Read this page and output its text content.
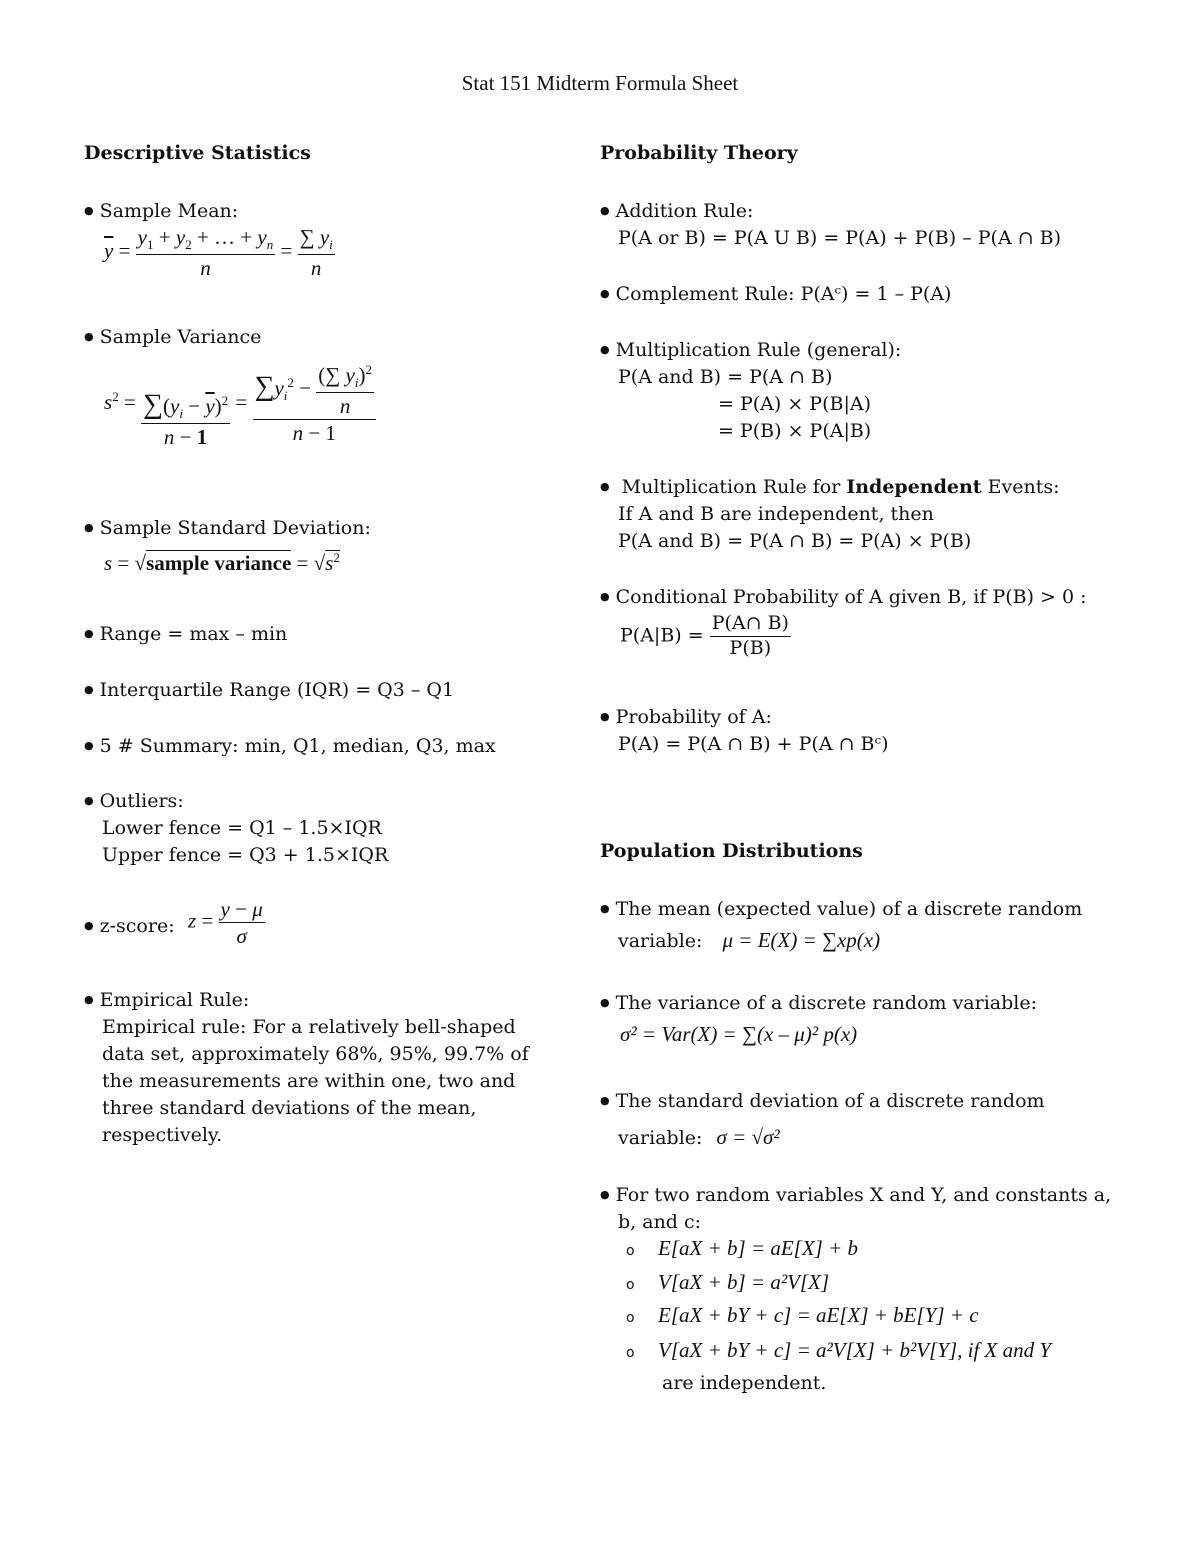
Stat 151 Midterm Formula Sheet
Descriptive Statistics
● Sample Mean:
$\overline{y} = \frac{y_1 + y_2 + \dots + y_n}{n} = \frac{\sum y_i}{n}$
● Sample Variance
$s^2 = \frac{\sum(y_i - \overline{y})^2}{n - 1} = \frac{\sum y_i^2 - \frac{(\sum y_i)^2}{n}}{n - 1}$
● Sample Standard Deviation:
s = √sample variance = $√s^2$
● Range = max – min
● Interquartile Range (IQR) = Q3 – Q1
● 5 # Summary: min, Q1, median, Q3, max
● Outliers:
Lower fence = Q1 – 1.5×IQR
Upper fence = Q3 + 1.5×IQR
● z-score: $z = \frac{y - \mu}{\sigma}$
● Empirical Rule:
Empirical rule: For a relatively bell-shaped data set, approximately 68%, 95%, 99.7% of the measurements are within one, two and three standard deviations of the mean, respectively.
Probability Theory
● Addition Rule:
P(A or B) = P(A U B) = P(A) + P(B) – P(A ∩ B)
● Complement Rule: P(Aᶜ) = 1 – P(A)
● Multiplication Rule (general):
P(A and B) = P(A ∩ B)
= P(A) × P(B|A)
= P(B) × P(A|B)
● Multiplication Rule for Independent Events:
If A and B are independent, then
P(A and B) = P(A ∩ B) = P(A) × P(B)
● Conditional Probability of A given B, if P(B) > 0 :
$P(A|B) = \frac{P(A\cap B)}{P(B)}$
● Probability of A:
P(A) = P(A ∩ B) + P(A ∩ Bᶜ)
Population Distributions
● The mean (expected value) of a discrete random
variable: μ = E(X) = ∑xp(x)
● The variance of a discrete random variable:
σ² = Var(X) = ∑(x – μ)² p(x)
● The standard deviation of a discrete random
variable: σ = √σ²
● For two random variables X and Y, and constants a,
b, and c:
o E[aX + b] = aE[X] + b
o V[aX + b] = a²V[X]
o E[aX + bY + c] = aE[X] + bE[Y] + c
o V[aX + bY + c] = a²V[X] + b²V[Y], if X and Y
are independent.
